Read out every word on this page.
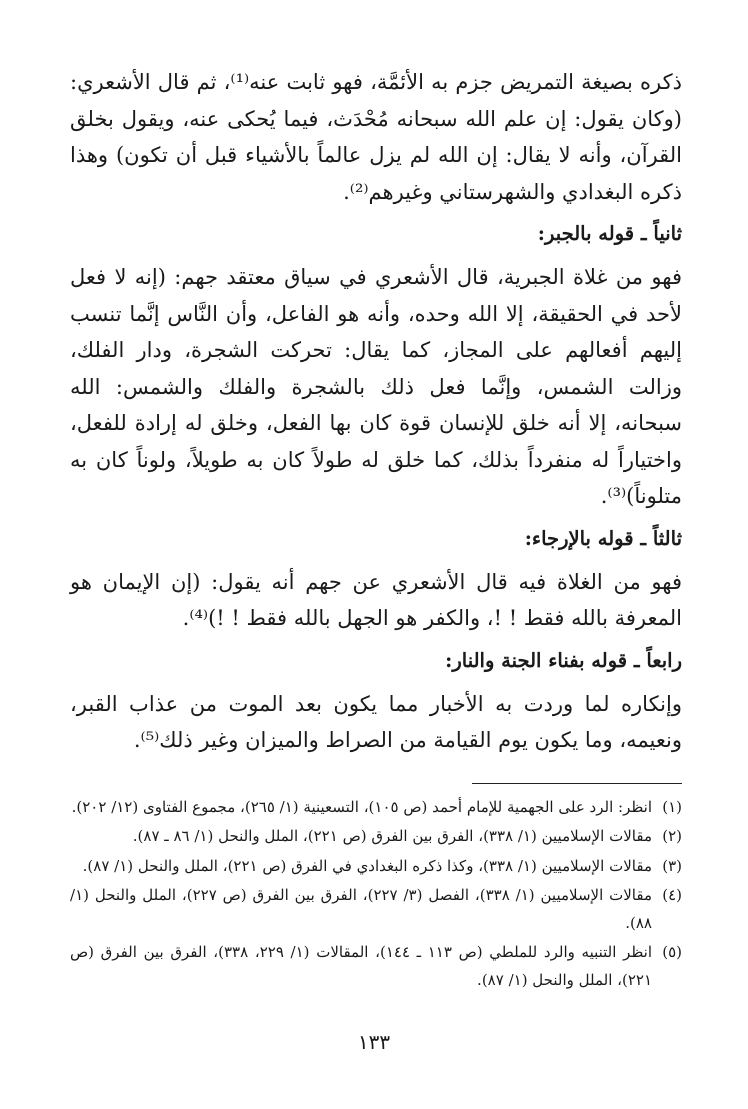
ذكره بصيغة التمريض جزم به الأئمَّة، فهو ثابت عنه⁽¹⁾، ثم قال الأشعري: (وكان يقول: إن علم الله سبحانه مُحْدَث، فيما يُحكى عنه، ويقول بخلق القرآن، وأنه لا يقال: إن الله لم يزل عالماً بالأشياء قبل أن تكون) وهذا ذكره البغدادي والشهرستاني وغيرهم⁽²⁾.

ثانياً ـ قوله بالجبر:

فهو من غلاة الجبرية، قال الأشعري في سياق معتقد جهم: (إنه لا فعل لأحد في الحقيقة، إلا الله وحده، وأنه هو الفاعل، وأن النَّاس إنَّما تنسب إليهم أفعالهم على المجاز، كما يقال: تحركت الشجرة، ودار الفلك، وزالت الشمس، وإنَّما فعل ذلك بالشجرة والفلك والشمس: الله سبحانه، إلا أنه خلق للإنسان قوة كان بها الفعل، وخلق له إرادة للفعل، واختياراً له منفرداً بذلك، كما خلق له طولاً كان به طويلاً، ولوناً كان به متلوناً)⁽³⁾.

ثالثاً ـ قوله بالإرجاء:

فهو من الغلاة فيه قال الأشعري عن جهم أنه يقول: (إن الإيمان هو المعرفة بالله فقط ! !، والكفر هو الجهل بالله فقط ! !)⁽⁴⁾.

رابعاً ـ قوله بفناء الجنة والنار:

وإنكاره لما وردت به الأخبار مما يكون بعد الموت من عذاب القبر، ونعيمه، وما يكون يوم القيامة من الصراط والميزان وغير ذلك⁽⁵⁾.

(١)
انظر: الرد على الجهمية للإمام أحمد (ص ١٠٥)، التسعينية (١/ ٢٦٥)، مجموع الفتاوى (١٢/ ٢٠٢).
(٢)
مقالات الإسلاميين (١/ ٣٣٨)، الفرق بين الفرق (ص ٢٢١)، الملل والنحل (١/ ٨٦ ـ ٨٧).
(٣)
مقالات الإسلاميين (١/ ٣٣٨)، وكذا ذكره البغدادي في الفرق (ص ٢٢١)، الملل والنحل (١/ ٨٧).
(٤)
مقالات الإسلاميين (١/ ٣٣٨)، الفصل (٣/ ٢٢٧)، الفرق بين الفرق (ص ٢٢٧)، الملل والنحل (١/ ٨٨).
(٥)
انظر التنبيه والرد للملطي (ص ١١٣ ـ ١٤٤)، المقالات (١/ ٢٢٩، ٣٣٨)، الفرق بين الفرق (ص ٢٢١)، الملل والنحل (١/ ٨٧).
١٣٣
